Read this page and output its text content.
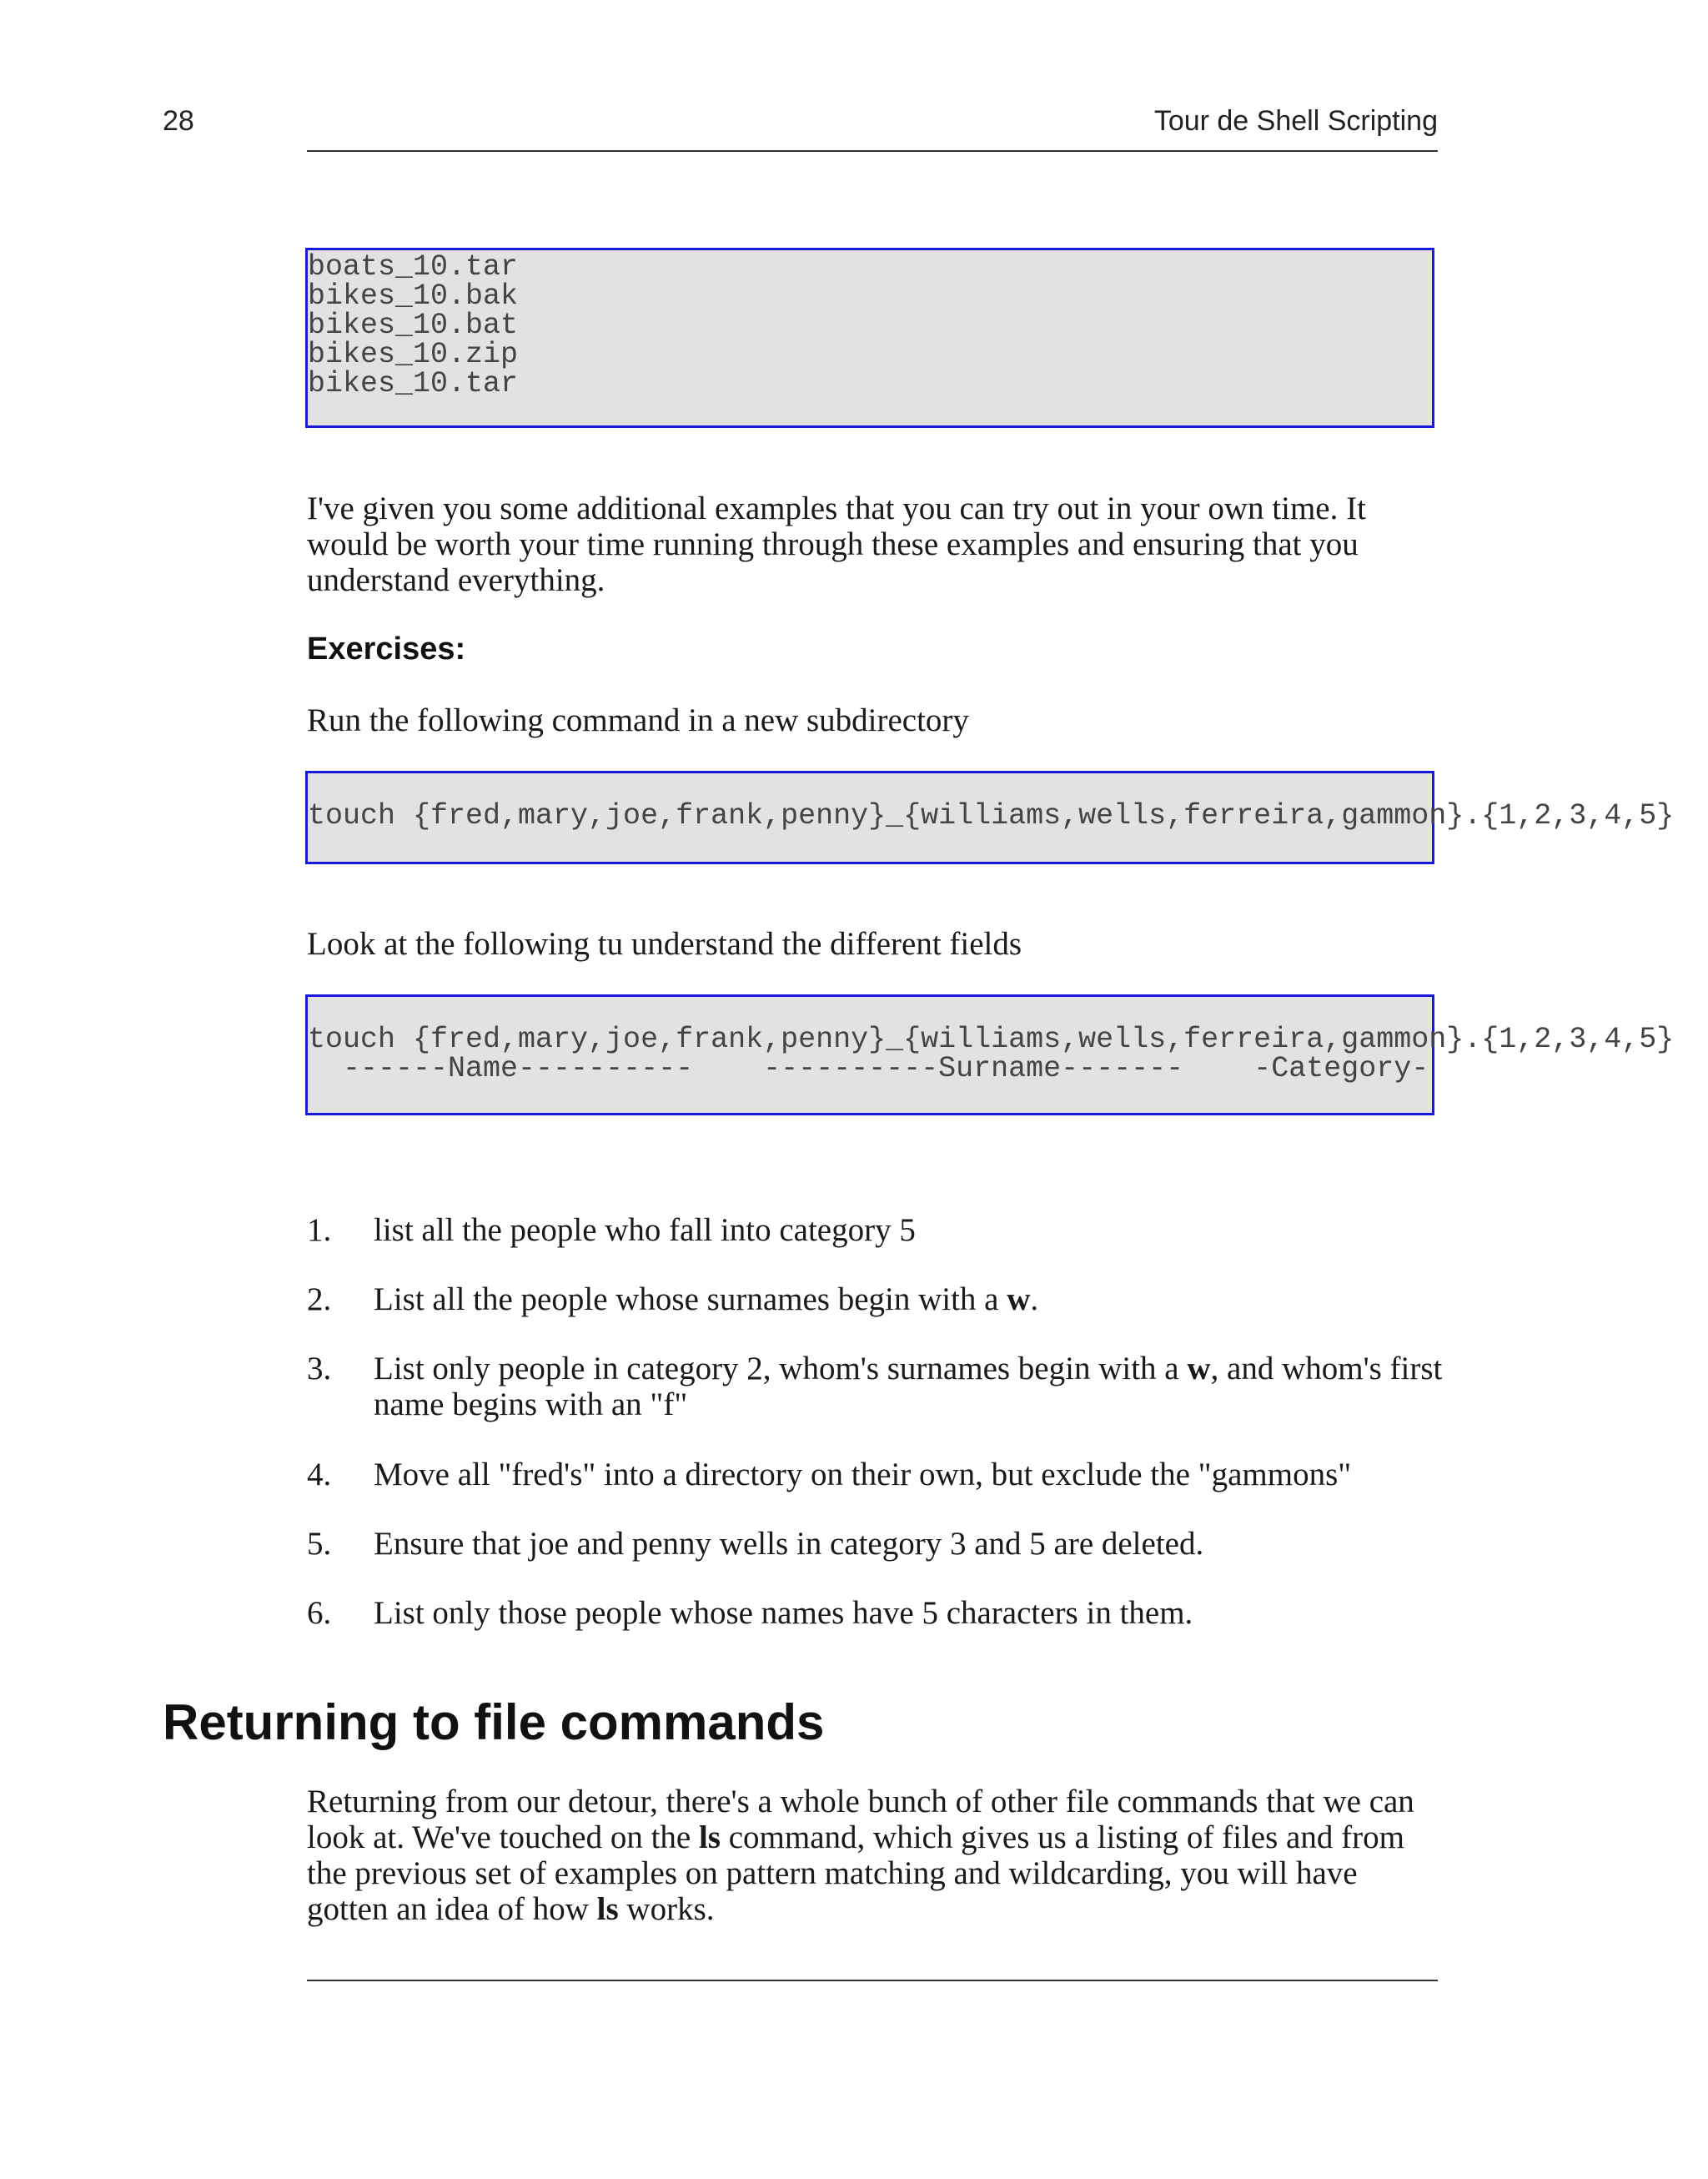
28	Tour de Shell Scripting
boats_10.tar
bikes_10.bak
bikes_10.bat
bikes_10.zip
bikes_10.tar

I've given you some additional examples that you can try out in your own time. It would be worth your time running through these examples and ensuring that you understand everything.

Exercises:

Run the following command in a new subdirectory

touch {fred,mary,joe,frank,penny}_{williams,wells,ferreira,gammon}.{1,2,3,4,5}

Look at the following tu understand the different fields

touch {fred,mary,joe,frank,penny}_{williams,wells,ferreira,gammon}.{1,2,3,4,5}
------Name----------    ----------Surname-------    -Category-
1.	list all the people who fall into category 5
2.	List all the people whose surnames begin with a w.
3.	List only people in category 2, whom's surnames begin with a w, and whom's first name begins with an "f"
4.	Move all "fred's" into a directory on their own, but exclude the "gammons"
5.	Ensure that joe and penny wells in category 3 and 5 are deleted.
6.	List only those people whose names have 5 characters in them.
Returning to file commands

Returning from our detour, there's a whole bunch of other file commands that we can look at. We've touched on the ls command, which gives us a listing of files and from the previous set of examples on pattern matching and wildcarding, you will have gotten an idea of how ls works.
